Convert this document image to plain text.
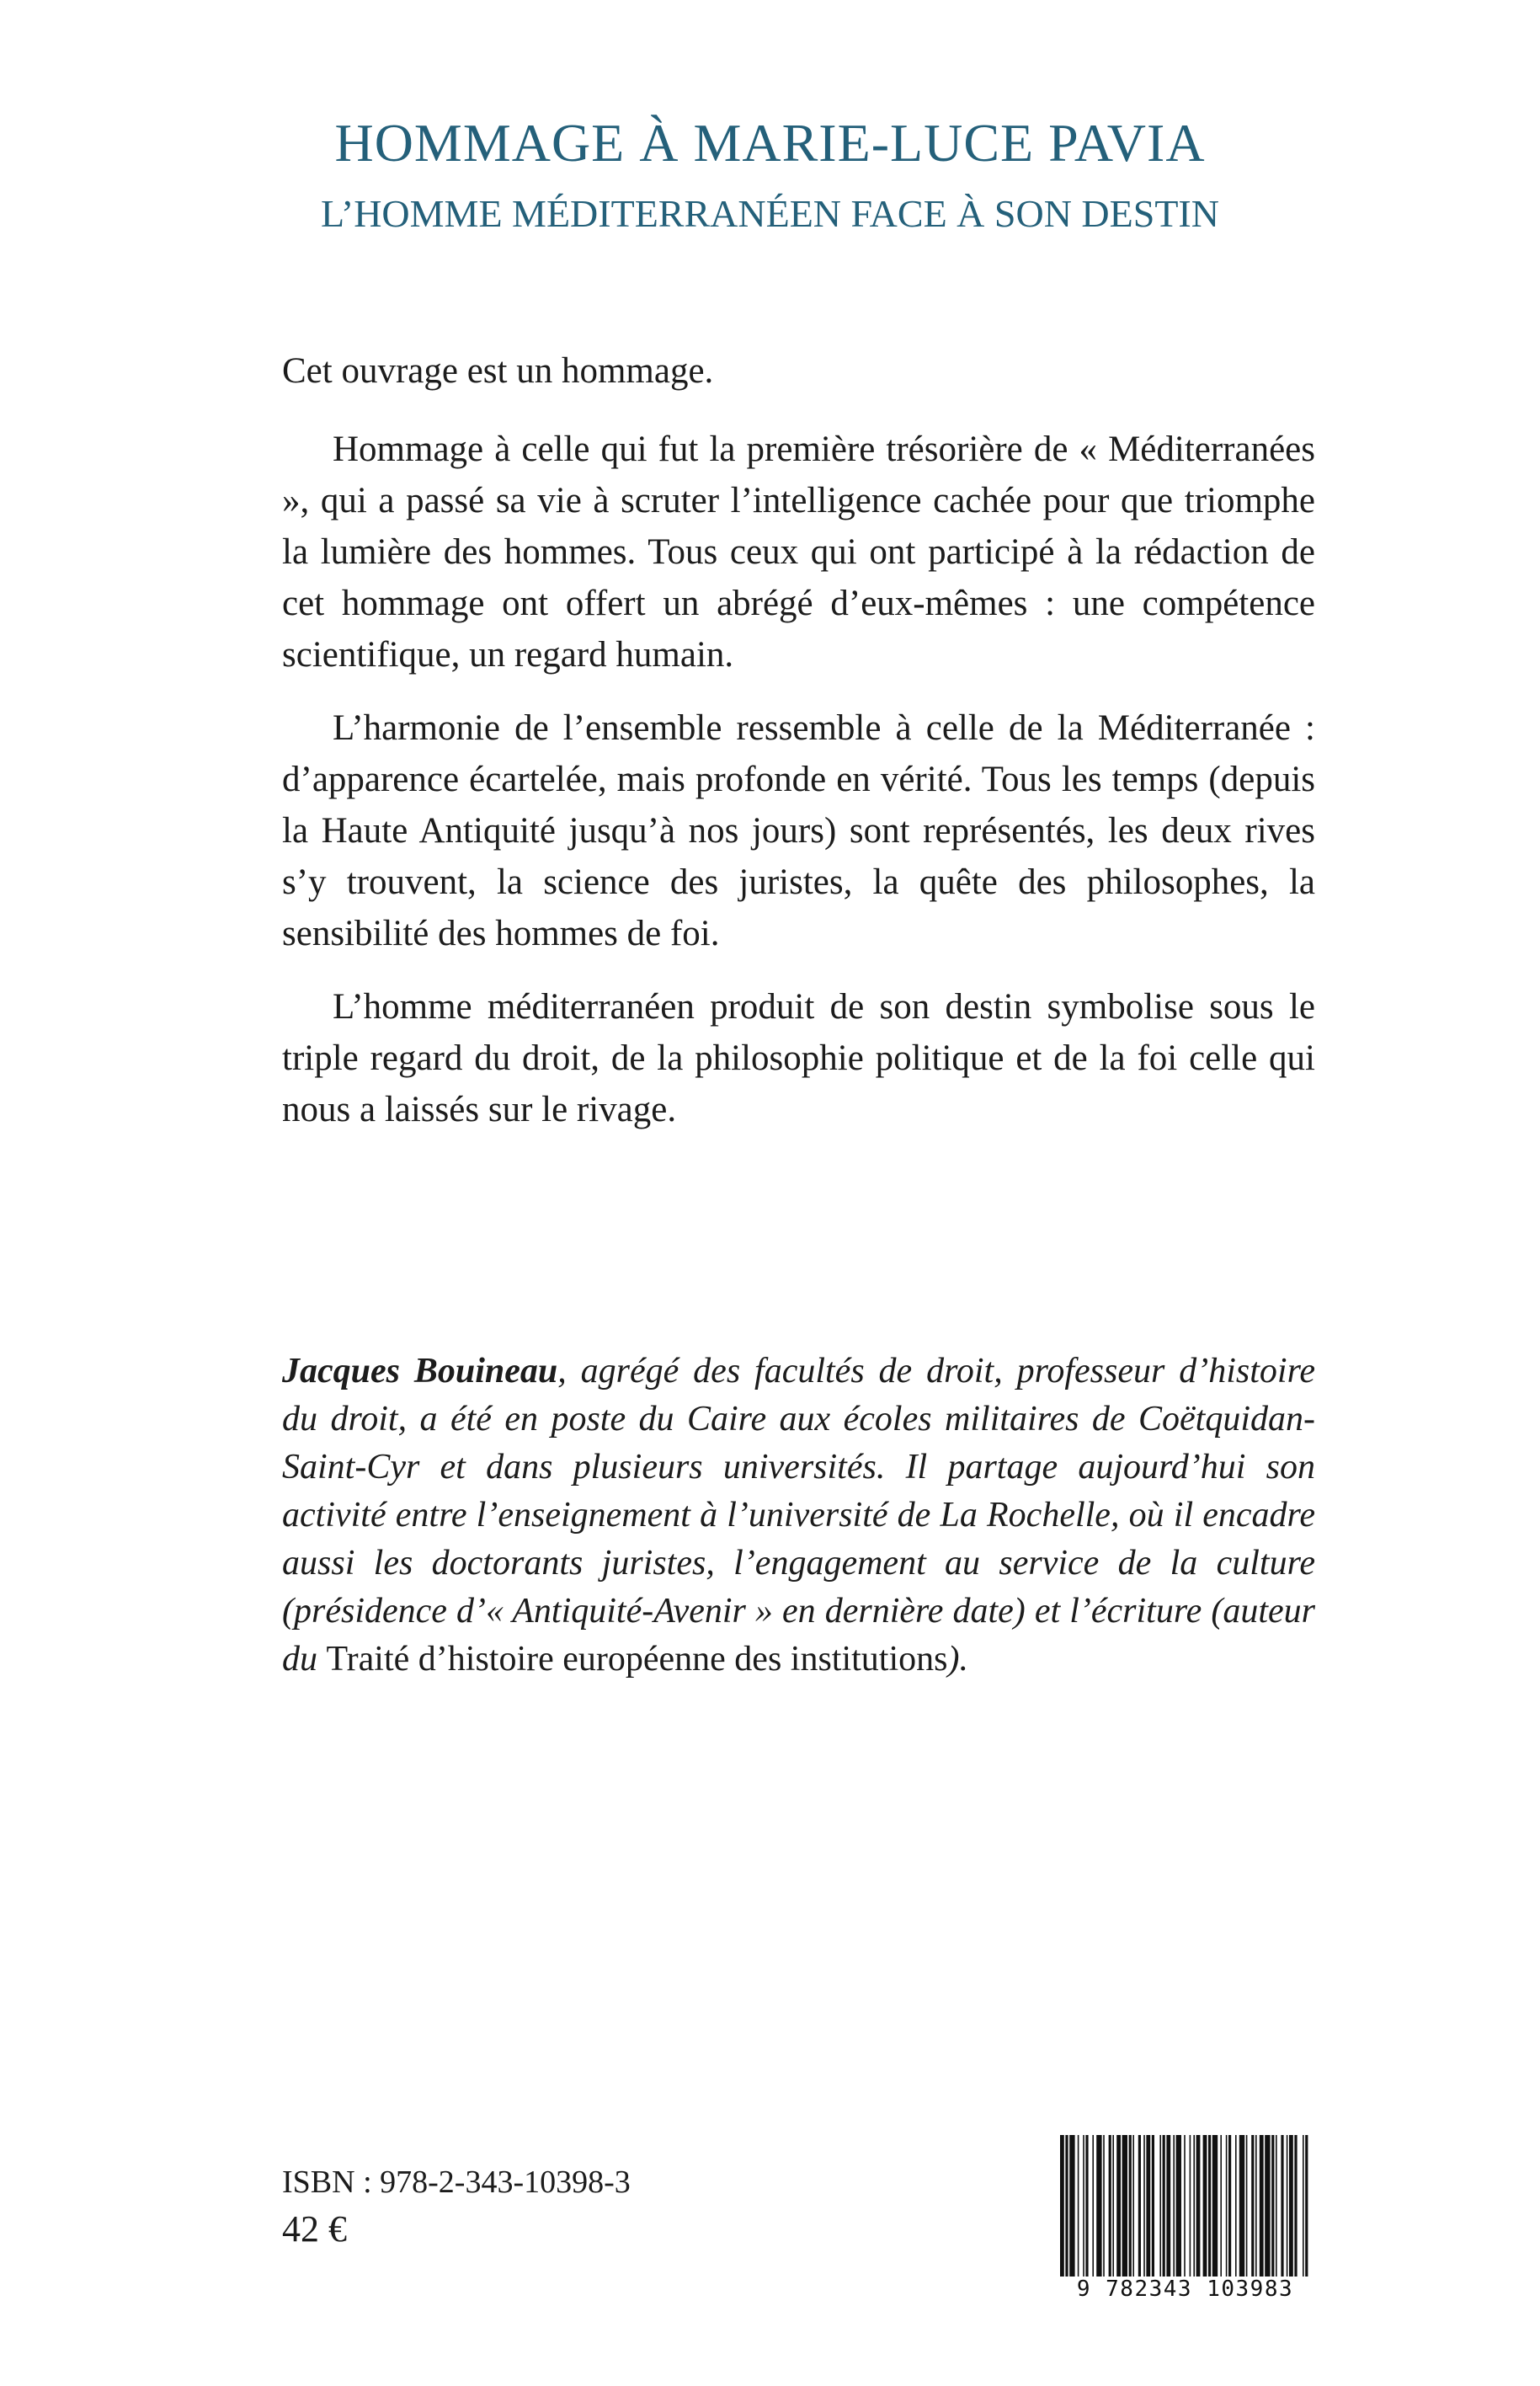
HOMMAGE À MARIE-LUCE PAVIA
L’HOMME MÉDITERRANÉEN FACE À SON DESTIN

Cet ouvrage est un hommage.

Hommage à celle qui fut la première trésorière de « Méditerranées », qui a passé sa vie à scruter l’intelligence cachée pour que triomphe la lumière des hommes. Tous ceux qui ont participé à la rédaction de cet hommage ont offert un abrégé d’eux-mêmes : une compétence scientifique, un regard humain.

L’harmonie de l’ensemble ressemble à celle de la Méditerranée : d’apparence écartelée, mais profonde en vérité. Tous les temps (depuis la Haute Antiquité jusqu’à nos jours) sont représentés, les deux rives s’y trouvent, la science des juristes, la quête des philosophes, la sensibilité des hommes de foi.

L’homme méditerranéen produit de son destin symbolise sous le triple regard du droit, de la philosophie politique et de la foi celle qui nous a laissés sur le rivage.

Jacques Bouineau, agrégé des facultés de droit, professeur d’histoire du droit, a été en poste du Caire aux écoles militaires de Coëtquidan-Saint-Cyr et dans plusieurs universités. Il partage aujourd’hui son activité entre l’enseignement à l’université de La Rochelle, où il encadre aussi les doctorants juristes, l’engagement au service de la culture (présidence d’« Antiquité-Avenir » en dernière date) et l’écriture (auteur du Traité d’histoire européenne des institutions).
ISBN : 978-2-343-10398-3
42 €
9 782343 103983
